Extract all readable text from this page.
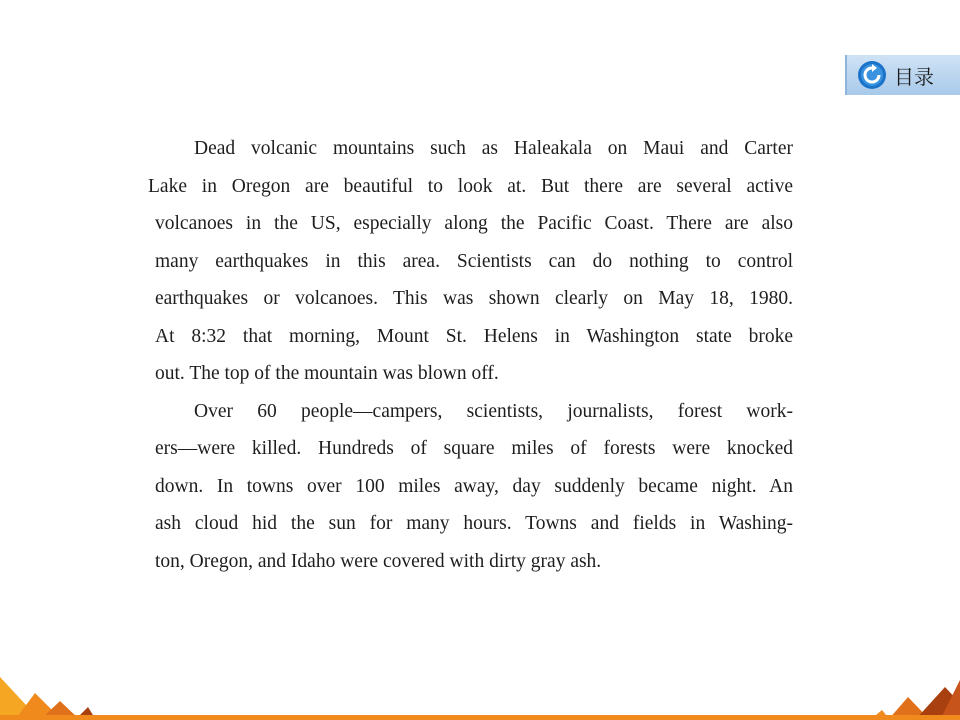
目录

Dead volcanic mountains such as Haleakala on Maui and Carter
Lake in Oregon are beautiful to look at. But there are several active
volcanoes in the US, especially along the Pacific Coast. There are also
many earthquakes in this area. Scientists can do nothing to control
earthquakes or volcanoes. This was shown clearly on May 18, 1980.
At 8:32 that morning, Mount St. Helens in Washington state broke
out. The top of the mountain was blown off.

Over 60 people—campers, scientists, journalists, forest work-
ers—were killed. Hundreds of square miles of forests were knocked
down. In towns over 100 miles away, day suddenly became night. An
ash cloud hid the sun for many hours. Towns and fields in Washing-
ton, Oregon, and Idaho were covered with dirty gray ash.
